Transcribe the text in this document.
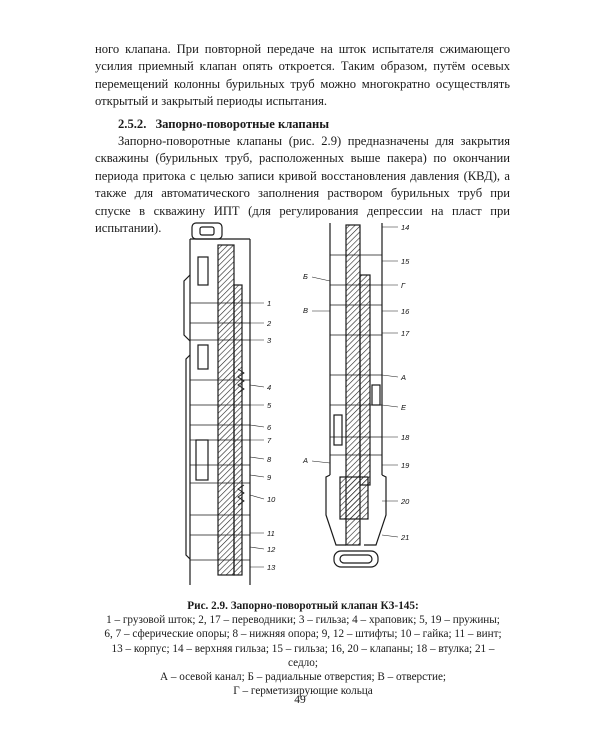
ного клапана. При повторной передаче на шток испытателя сжимающего усилия приемный клапан опять откроется. Таким образом, путём осевых перемещений колонны бурильных труб можно многократно осуществлять открытый и закрытый периоды испытания.

2.5.2. Запорно-поворотные клапаны

Запорно-поворотные клапаны (рис. 2.9) предназначены для закрытия скважины (бурильных труб, расположенных выше пакера) по окончании периода притока с целью записи кривой восстановления давления (КВД), а также для автоматического заполнения раствором бурильных труб при спуске в скважину ИПТ (для регулирования депрессии на пласт при испытании).

1
2
3
4
5
6
7
8
9
10
11
12
13
14
15
Г
16
17
А
Е
18
19
20
21
Б
В
А

Рис. 2.9. Запорно-поворотный клапан КЗ-145:
1 – грузовой шток; 2, 17 – переводники; 3 – гильза; 4 – храповик; 5, 19 – пружины;
6, 7 – сферические опоры; 8 – нижняя опора; 9, 12 – штифты; 10 – гайка; 11 – винт;
13 – корпус; 14 – верхняя гильза; 15 – гильза; 16, 20 – клапаны; 18 – втулка; 21 – седло;
А – осевой канал; Б – радиальные отверстия; В – отверстие;
Г – герметизирующие кольца

49
